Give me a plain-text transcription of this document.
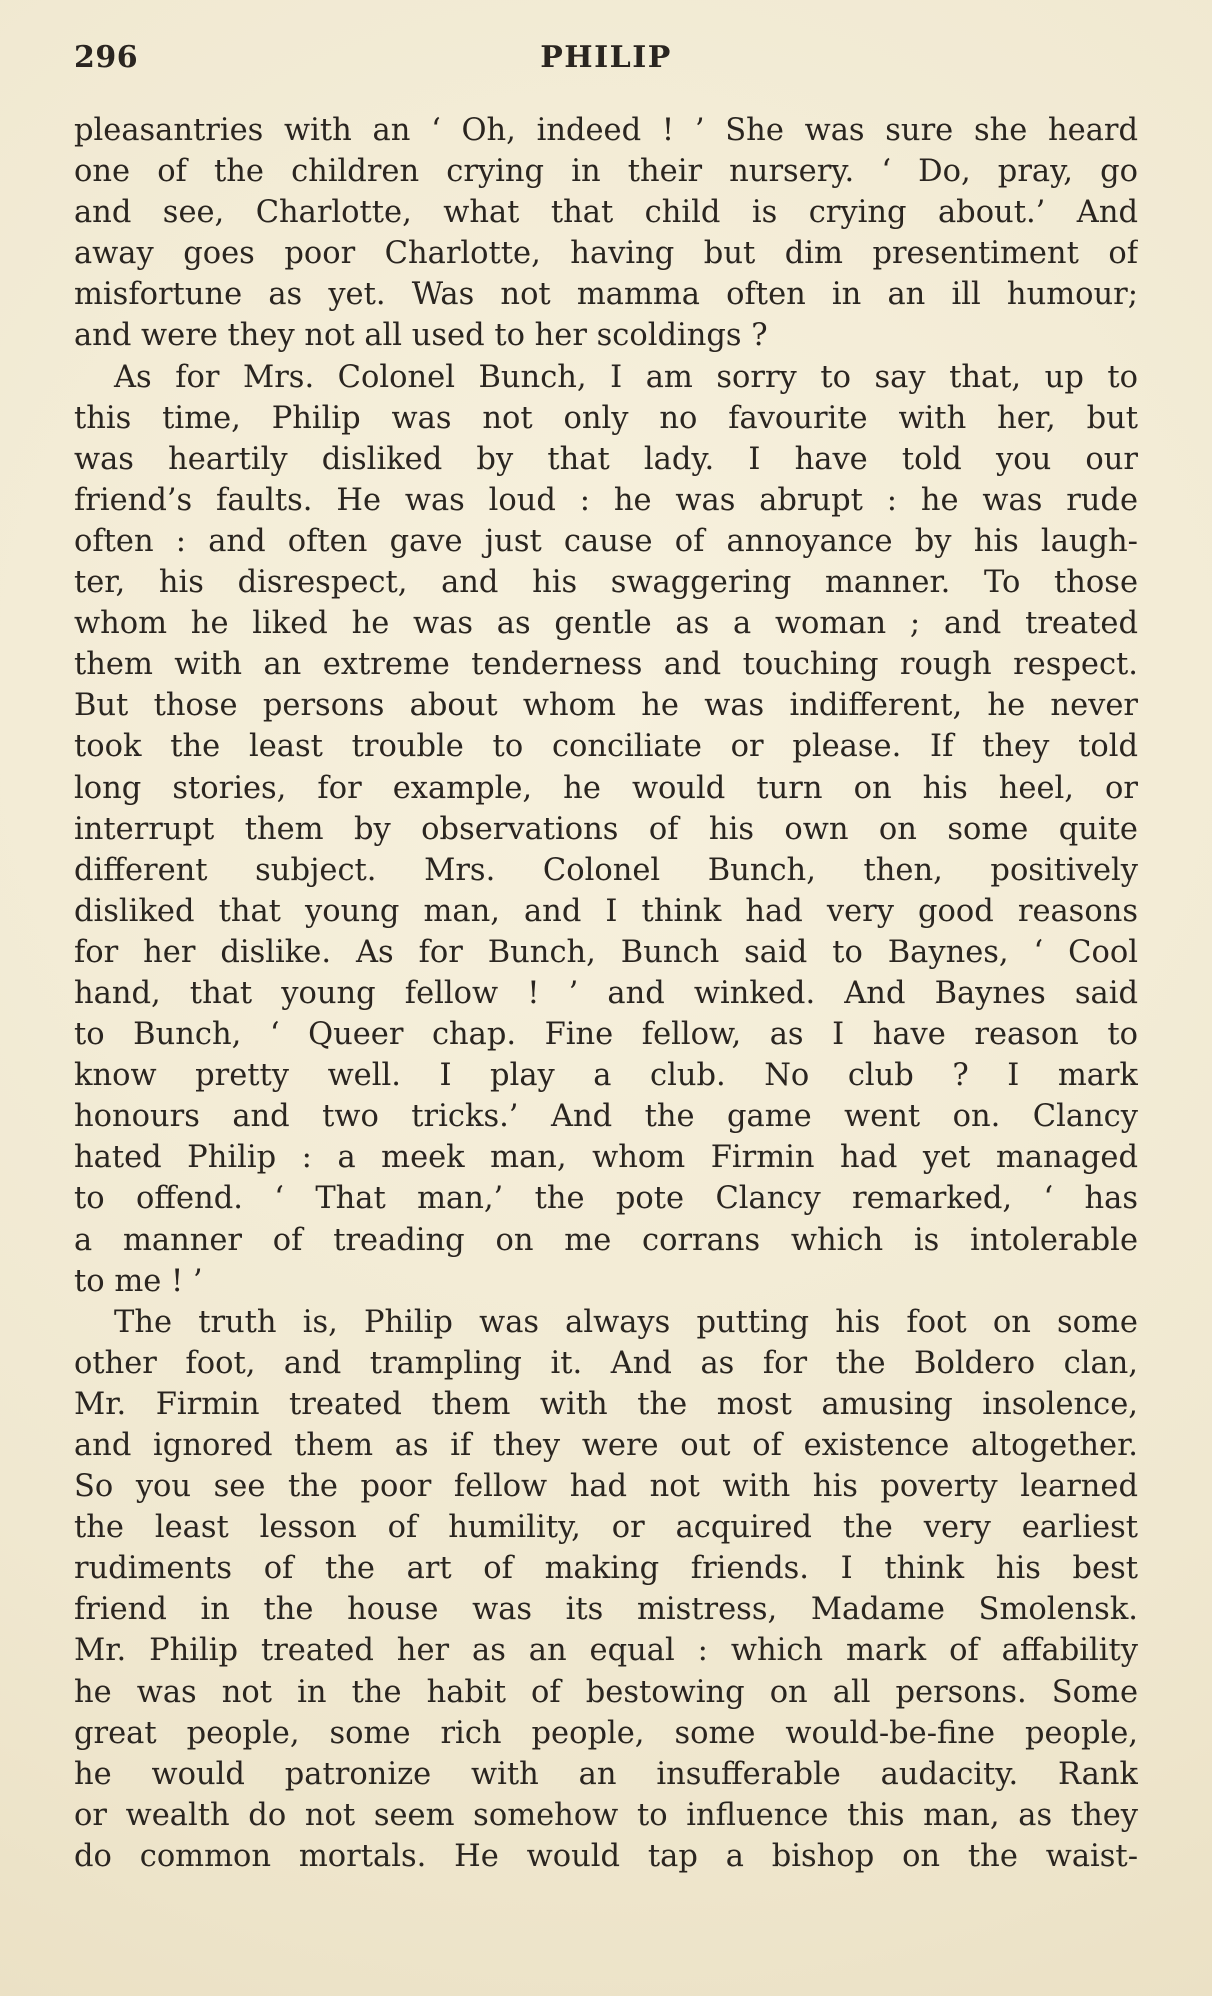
296	PHILIP
pleasantries with an ‘ Oh, indeed ! ’ She was sure she heard
one of the children crying in their nursery. ‘ Do, pray, go
and see, Charlotte, what that child is crying about.’ And
away goes poor Charlotte, having but dim presentiment of
misfortune as yet. Was not mamma often in an ill humour;
and were they not all used to her scoldings ?
As for Mrs. Colonel Bunch, I am sorry to say that, up to
this time, Philip was not only no favourite with her, but
was heartily disliked by that lady. I have told you our
friend’s faults. He was loud : he was abrupt : he was rude
often : and often gave just cause of annoyance by his laugh-
ter, his disrespect, and his swaggering manner. To those
whom he liked he was as gentle as a woman ; and treated
them with an extreme tenderness and touching rough respect.
But those persons about whom he was indifferent, he never
took the least trouble to conciliate or please. If they told
long stories, for example, he would turn on his heel, or
interrupt them by observations of his own on some quite
different subject. Mrs. Colonel Bunch, then, positively
disliked that young man, and I think had very good reasons
for her dislike. As for Bunch, Bunch said to Baynes, ‘ Cool
hand, that young fellow ! ’ and winked. And Baynes said
to Bunch, ‘ Queer chap. Fine fellow, as I have reason to
know pretty well. I play a club. No club ? I mark
honours and two tricks.’ And the game went on. Clancy
hated Philip : a meek man, whom Firmin had yet managed
to offend. ‘ That man,’ the pote Clancy remarked, ‘ has
a manner of treading on me corrans which is intolerable
to me ! ’
The truth is, Philip was always putting his foot on some
other foot, and trampling it. And as for the Boldero clan,
Mr. Firmin treated them with the most amusing insolence,
and ignored them as if they were out of existence altogether.
So you see the poor fellow had not with his poverty learned
the least lesson of humility, or acquired the very earliest
rudiments of the art of making friends. I think his best
friend in the house was its mistress, Madame Smolensk.
Mr. Philip treated her as an equal : which mark of affability
he was not in the habit of bestowing on all persons. Some
great people, some rich people, some would-be-fine people,
he would patronize with an insufferable audacity. Rank
or wealth do not seem somehow to influence this man, as they
do common mortals. He would tap a bishop on the waist-
